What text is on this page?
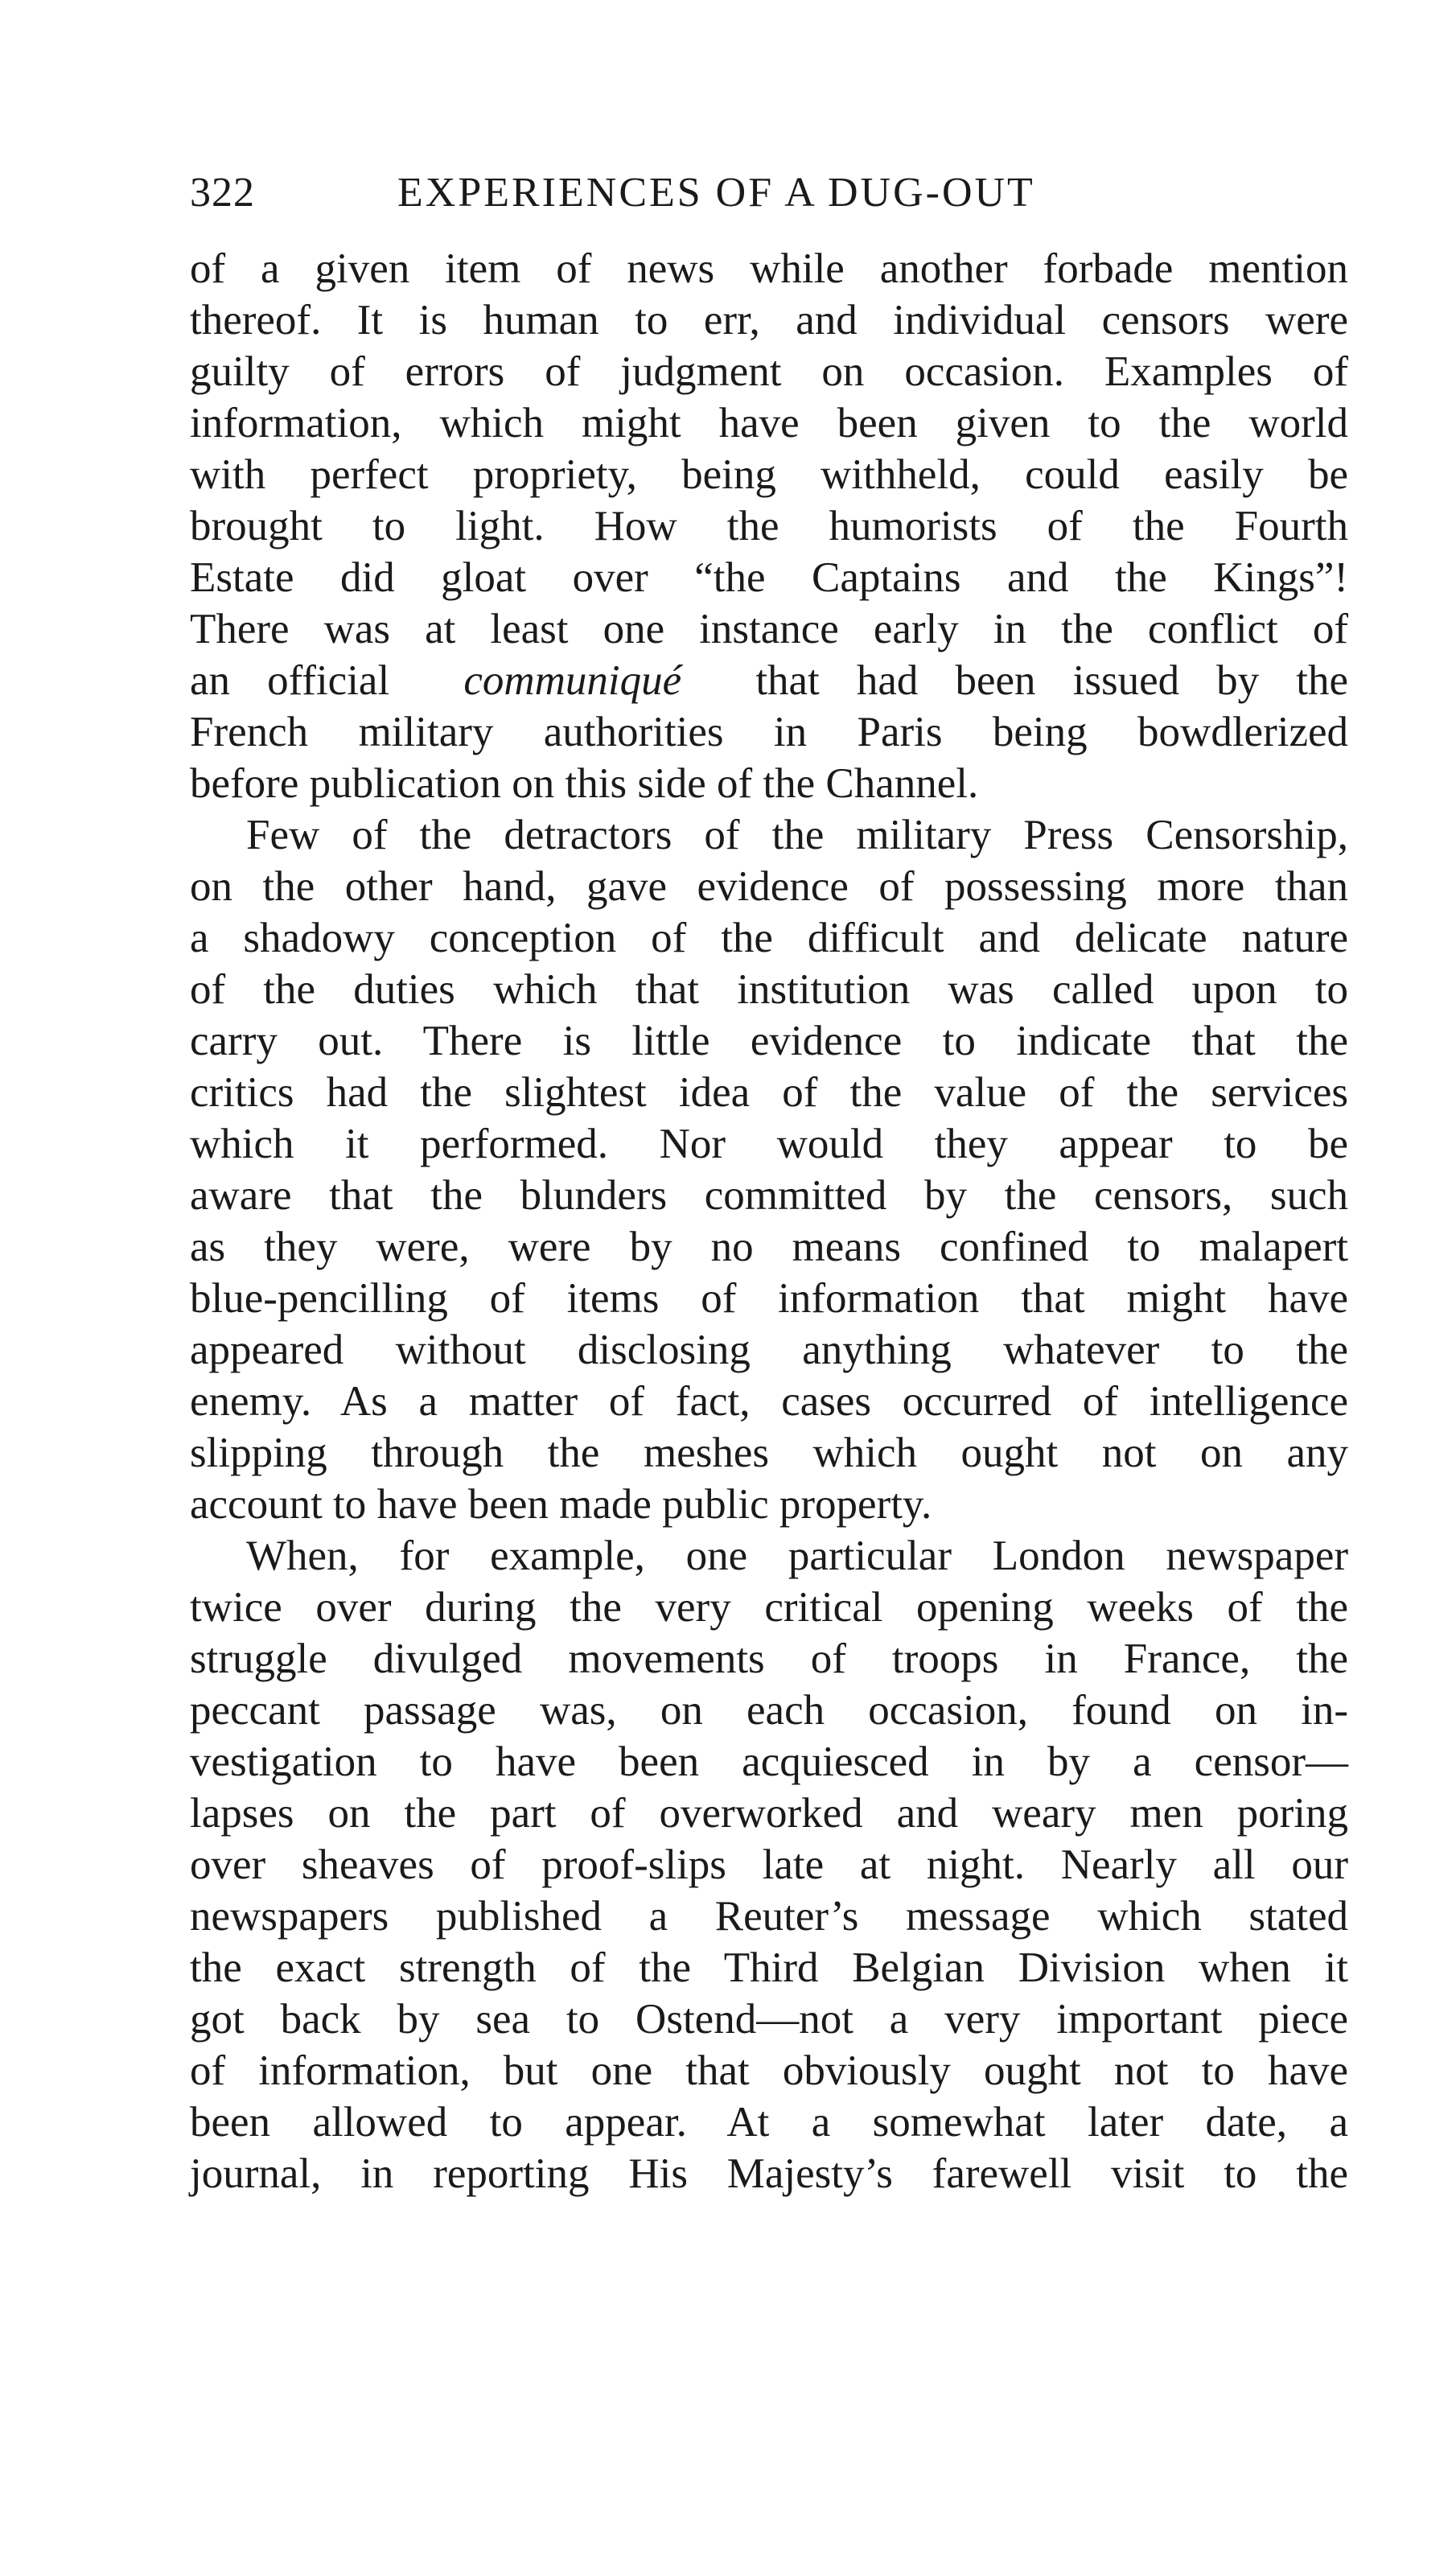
322	EXPERIENCES OF A DUG-OUT
of a given item of news while another forbade mention
thereof. It is human to err, and individual censors were
guilty of errors of judgment on occasion. Examples of
information, which might have been given to the world
with perfect propriety, being withheld, could easily be
brought to light. How the humorists of the Fourth
Estate did gloat over “the Captains and the Kings”!
There was at least one instance early in the conflict of
an official communiqué that had been issued by the
French military authorities in Paris being bowdlerized
before publication on this side of the Channel.
Few of the detractors of the military Press Censorship,
on the other hand, gave evidence of possessing more than
a shadowy conception of the difficult and delicate nature
of the duties which that institution was called upon to
carry out. There is little evidence to indicate that the
critics had the slightest idea of the value of the services
which it performed. Nor would they appear to be
aware that the blunders committed by the censors, such
as they were, were by no means confined to malapert
blue-pencilling of items of information that might have
appeared without disclosing anything whatever to the
enemy. As a matter of fact, cases occurred of intelligence
slipping through the meshes which ought not on any
account to have been made public property.
When, for example, one particular London newspaper
twice over during the very critical opening weeks of the
struggle divulged movements of troops in France, the
peccant passage was, on each occasion, found on in-
vestigation to have been acquiesced in by a censor—
lapses on the part of overworked and weary men poring
over sheaves of proof-slips late at night. Nearly all our
newspapers published a Reuter’s message which stated
the exact strength of the Third Belgian Division when it
got back by sea to Ostend—not a very important piece
of information, but one that obviously ought not to have
been allowed to appear. At a somewhat later date, a
journal, in reporting His Majesty’s farewell visit to the
